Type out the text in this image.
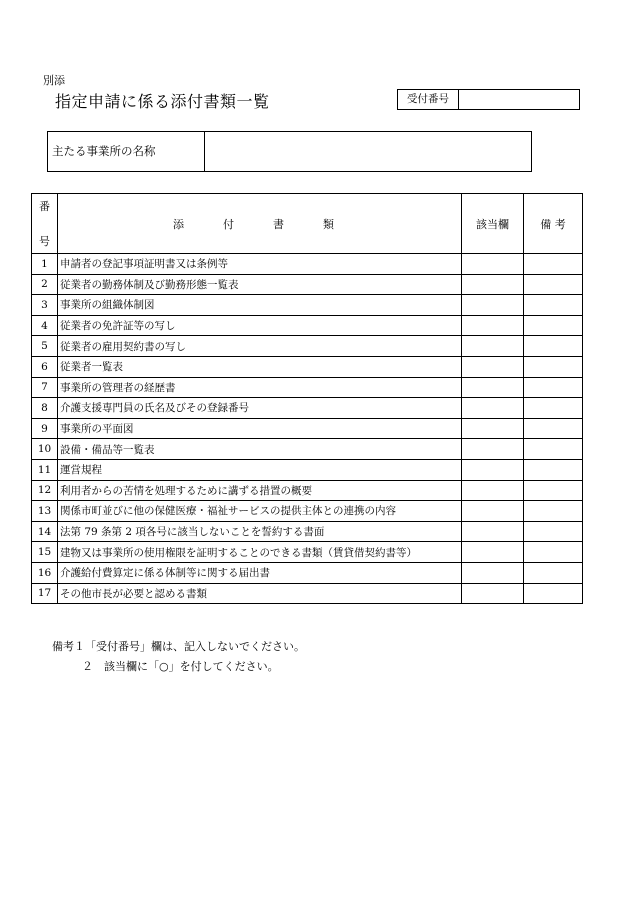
別添
指定申請に係る添付書類一覧	受付番号
主たる事業所の名称
番
号	添　付　書　類	該当欄	備 考
1	申請者の登記事項証明書又は条例等		
2	従業者の勤務体制及び勤務形態一覧表		
3	事業所の組織体制図		
4	従業者の免許証等の写し		
5	従業者の雇用契約書の写し		
6	従業者一覧表		
7	事業所の管理者の経歴書		
8	介護支援専門員の氏名及びその登録番号		
9	事業所の平面図		
10	設備・備品等一覧表		
11	運営規程		
12	利用者からの苦情を処理するために講ずる措置の概要		
13	関係市町並びに他の保健医療・福祉サービスの提供主体との連携の内容		
14	法第 79 条第 2 項各号に該当しないことを誓約する書面		
15	建物又は事業所の使用権限を証明することのできる書類（賃貸借契約書等）		
16	介護給付費算定に係る体制等に関する届出書		
17	その他市長が必要と認める書類		
備考１「受付番号」欄は、記入しないでください。
２　該当欄に「○」を付してください。
